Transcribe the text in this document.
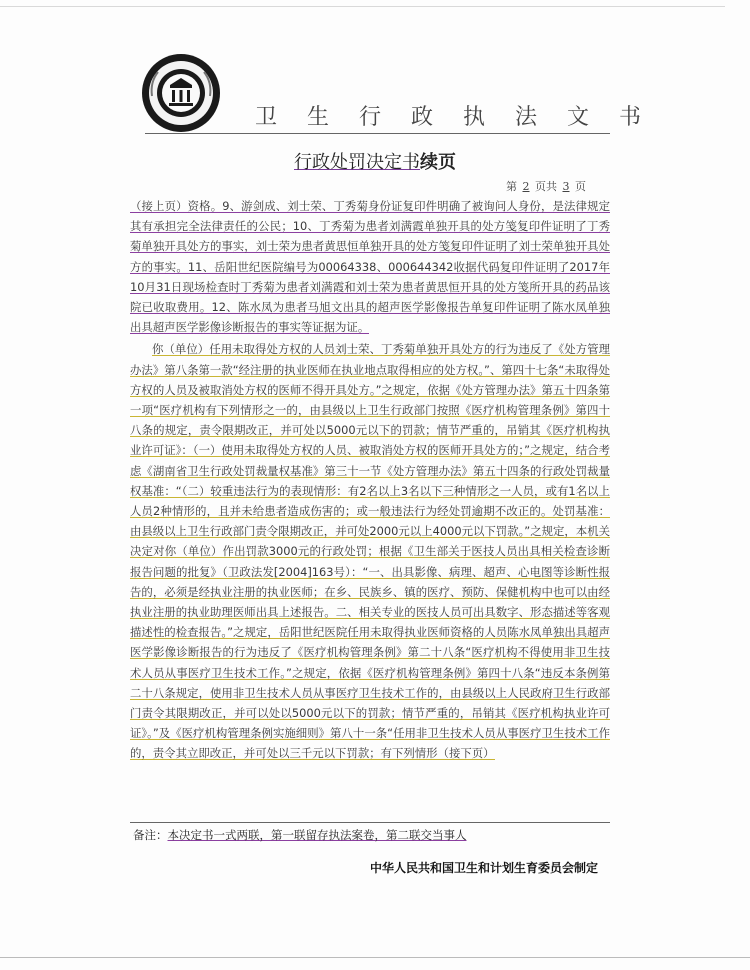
卫生行政执法文书
行政处罚决定书续页
第 2 页共 3 页

（接上页）资格。9、游剑成、刘士荣、丁秀菊身份证复印件明确了被询问人身份，是法律规定其有承担完全法律责任的公民；10、丁秀菊为患者刘满霞单独开具的处方笺复印件证明了丁秀菊单独开具处方的事实，刘士荣为患者黄思恒单独开具的处方笺复印件证明了刘士荣单独开具处方的事实。11、岳阳世纪医院编号为00064338、000644342收据代码复印件证明了2017年10月31日现场检查时丁秀菊为患者刘满霞和刘士荣为患者黄思恒开具的处方笺所开具的药品该院已收取费用。12、陈水凤为患者马旭文出具的超声医学影像报告单复印件证明了陈水凤单独出具超声医学影像诊断报告的事实等证据为证。

你（单位）任用未取得处方权的人员刘士荣、丁秀菊单独开具处方的行为违反了《处方管理办法》第八条第一款“经注册的执业医师在执业地点取得相应的处方权。”、第四十七条“未取得处方权的人员及被取消处方权的医师不得开具处方。”之规定，依据《处方管理办法》第五十四条第一项“医疗机构有下列情形之一的，由县级以上卫生行政部门按照《医疗机构管理条例》第四十八条的规定，责令限期改正，并可处以5000元以下的罚款；情节严重的，吊销其《医疗机构执业许可证》：（一）使用未取得处方权的人员、被取消处方权的医师开具处方的；”之规定，结合考虑《湖南省卫生行政处罚裁量权基准》第三十一节《处方管理办法》第五十四条的行政处罚裁量权基准：“（二）较重违法行为的表现情形：有2名以上3名以下三种情形之一人员，或有1名以上人员2种情形的，且并未给患者造成伤害的；或一般违法行为经处罚逾期不改正的。处罚基准：由县级以上卫生行政部门责令限期改正，并可处2000元以上4000元以下罚款。”之规定，本机关决定对你（单位）作出罚款3000元的行政处罚；根据《卫生部关于医技人员出具相关检查诊断报告问题的批复》（卫政法发[2004]163号）：“一、出具影像、病理、超声、心电图等诊断性报告的，必须是经执业注册的执业医师；在乡、民族乡、镇的医疗、预防、保健机构中也可以由经执业注册的执业助理医师出具上述报告。二、相关专业的医技人员可出具数字、形态描述等客观描述性的检查报告。”之规定，岳阳世纪医院任用未取得执业医师资格的人员陈水凤单独出具超声医学影像诊断报告的行为违反了《医疗机构管理条例》第二十八条“医疗机构不得使用非卫生技术人员从事医疗卫生技术工作。”之规定，依据《医疗机构管理条例》第四十八条“违反本条例第二十八条规定，使用非卫生技术人员从事医疗卫生技术工作的，由县级以上人民政府卫生行政部门责令其限期改正，并可以处以5000元以下的罚款；情节严重的，吊销其《医疗机构执业许可证》。”及《医疗机构管理条例实施细则》第八十一条“任用非卫生技术人员从事医疗卫生技术工作的，责令其立即改正，并可处以三千元以下罚款；有下列情形（接下页）

备注：本决定书一式两联，第一联留存执法案卷，第二联交当事人
中华人民共和国卫生和计划生育委员会制定
